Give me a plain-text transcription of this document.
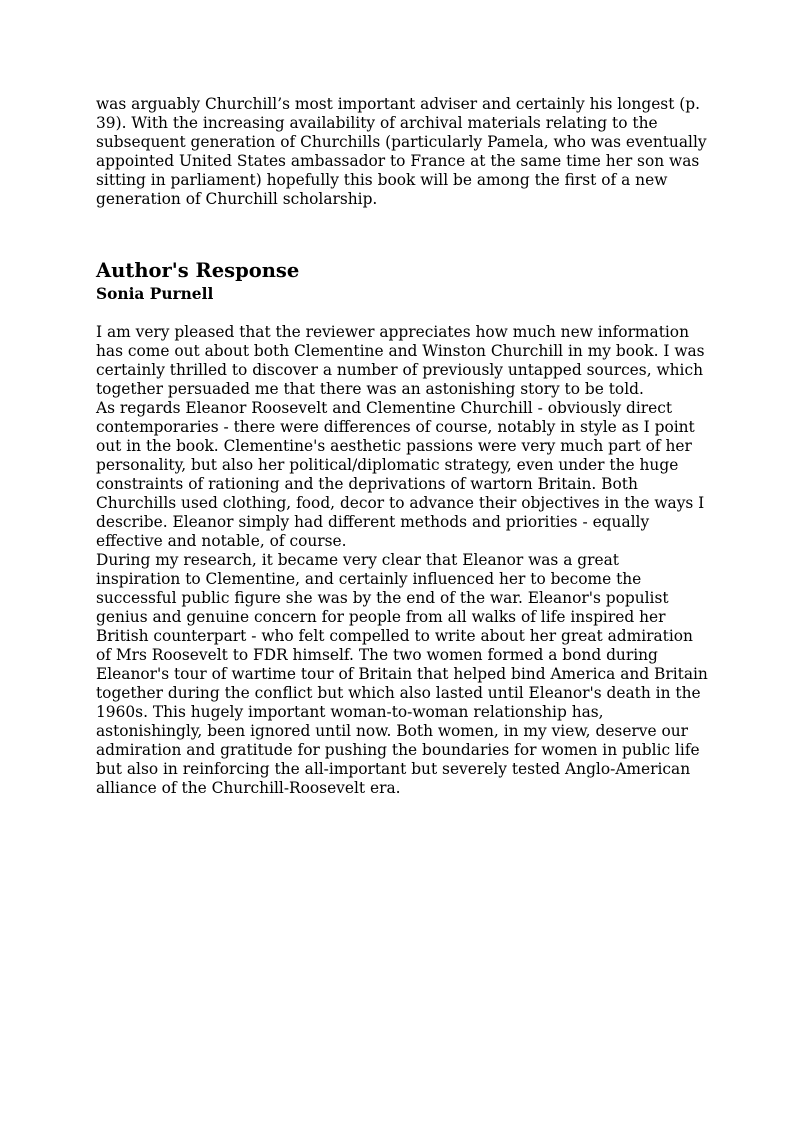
was arguably Churchill’s most important adviser and certainly his longest (p. 39). With the increasing availability of archival materials relating to the subsequent generation of Churchills (particularly Pamela, who was eventually appointed United States ambassador to France at the same time her son was sitting in parliament) hopefully this book will be among the first of a new generation of Churchill scholarship.

Author's Response
Sonia Purnell

I am very pleased that the reviewer appreciates how much new information has come out about both Clementine and Winston Churchill in my book. I was certainly thrilled to discover a number of previously untapped sources, which together persuaded me that there was an astonishing story to be told.

As regards Eleanor Roosevelt and Clementine Churchill - obviously direct contemporaries - there were differences of course, notably in style as I point out in the book. Clementine's aesthetic passions were very much part of her personality, but also her political/diplomatic strategy, even under the huge constraints of rationing and the deprivations of wartorn Britain. Both Churchills used clothing, food, decor to advance their objectives in the ways I describe. Eleanor simply had different methods and priorities - equally effective and notable, of course.

During my research, it became very clear that Eleanor was a great inspiration to Clementine, and certainly influenced her to become the successful public figure she was by the end of the war. Eleanor's populist genius and genuine concern for people from all walks of life inspired her British counterpart - who felt compelled to write about her great admiration of Mrs Roosevelt to FDR himself. The two women formed a bond during Eleanor's tour of wartime tour of Britain that helped bind America and Britain together during the conflict but which also lasted until Eleanor's death in the 1960s. This hugely important woman-to-woman relationship has, astonishingly, been ignored until now. Both women, in my view, deserve our admiration and gratitude for pushing the boundaries for women in public life but also in reinforcing the all-important but severely tested Anglo-American alliance of the Churchill-Roosevelt era.
